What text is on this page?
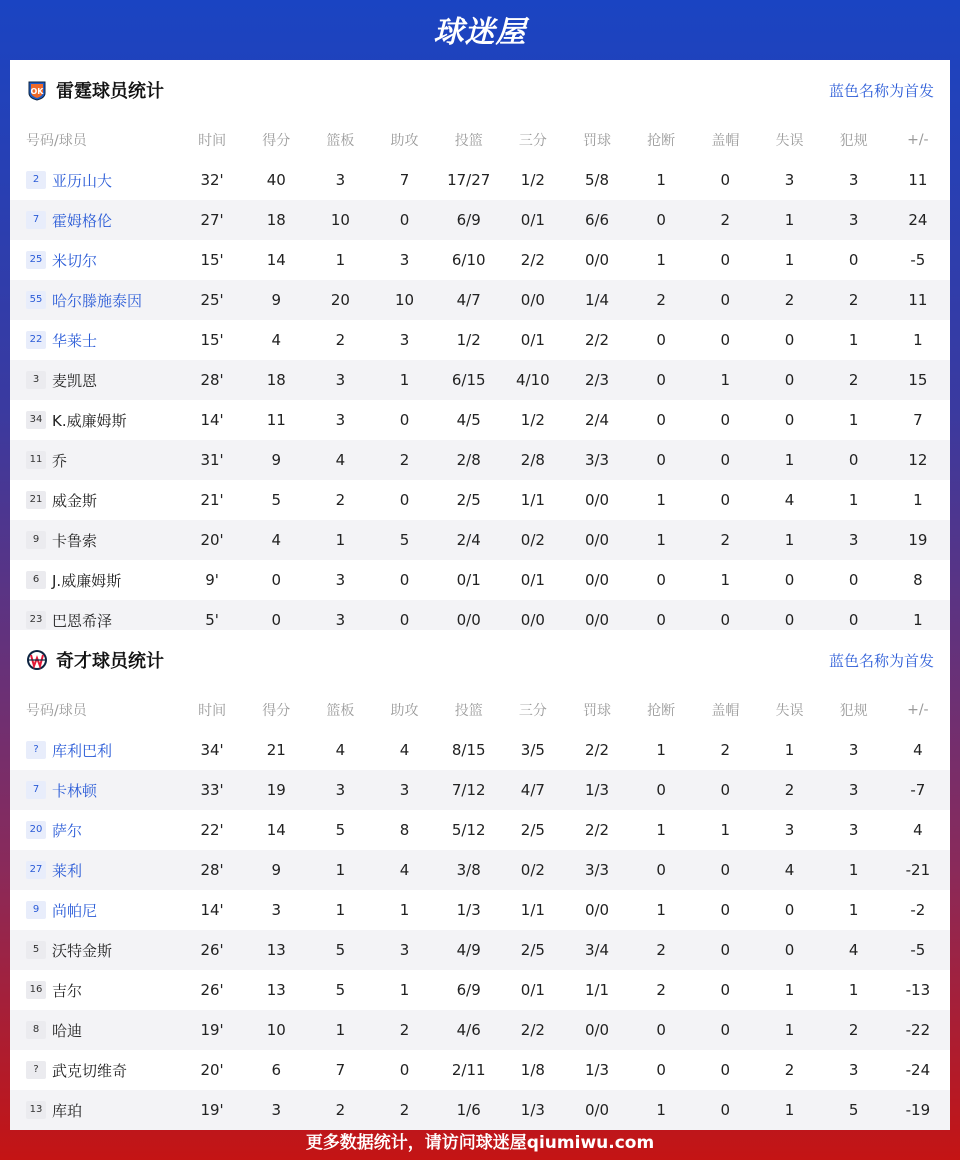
球迷屋
OK 雷霆球员统计	蓝色名称为首发
号码/球员	时间	得分	篮板	助攻	投篮	三分	罚球	抢断	盖帽	失误	犯规	+/-
2 亚历山大	32'	40	3	7	17/27	1/2	5/8	1	0	3	3	11
7 霍姆格伦	27'	18	10	0	6/9	0/1	6/6	0	2	1	3	24
25 米切尔	15'	14	1	3	6/10	2/2	0/0	1	0	1	0	-5
55 哈尔滕施泰因	25'	9	20	10	4/7	0/0	1/4	2	0	2	2	11
22 华莱士	15'	4	2	3	1/2	0/1	2/2	0	0	0	1	1
3 麦凯恩	28'	18	3	1	6/15	4/10	2/3	0	1	0	2	15
34 K.威廉姆斯	14'	11	3	0	4/5	1/2	2/4	0	0	0	1	7
11 乔	31'	9	4	2	2/8	2/8	3/3	0	0	1	0	12
21 威金斯	21'	5	2	0	2/5	1/1	0/0	1	0	4	1	1
9 卡鲁索	20'	4	1	5	2/4	0/2	0/0	1	2	1	3	19
6 J.威廉姆斯	9'	0	3	0	0/1	0/1	0/0	0	1	0	0	8
23 巴恩希泽	5'	0	3	0	0/0	0/0	0/0	0	0	0	0	1
奇才球员统计	蓝色名称为首发
号码/球员	时间	得分	篮板	助攻	投篮	三分	罚球	抢断	盖帽	失误	犯规	+/-
? 库利巴利	34'	21	4	4	8/15	3/5	2/2	1	2	1	3	4
7 卡林顿	33'	19	3	3	7/12	4/7	1/3	0	0	2	3	-7
20 萨尔	22'	14	5	8	5/12	2/5	2/2	1	1	3	3	4
27 莱利	28'	9	1	4	3/8	0/2	3/3	0	0	4	1	-21
9 尚帕尼	14'	3	1	1	1/3	1/1	0/0	1	0	0	1	-2
5 沃特金斯	26'	13	5	3	4/9	2/5	3/4	2	0	0	4	-5
16 吉尔	26'	13	5	1	6/9	0/1	1/1	2	0	1	1	-13
8 哈迪	19'	10	1	2	4/6	2/2	0/0	0	0	1	2	-22
? 武克切维奇	20'	6	7	0	2/11	1/8	1/3	0	0	2	3	-24
13 库珀	19'	3	2	2	1/6	1/3	0/0	1	0	1	5	-19
更多数据统计，请访问球迷屋qiumiwu.com
